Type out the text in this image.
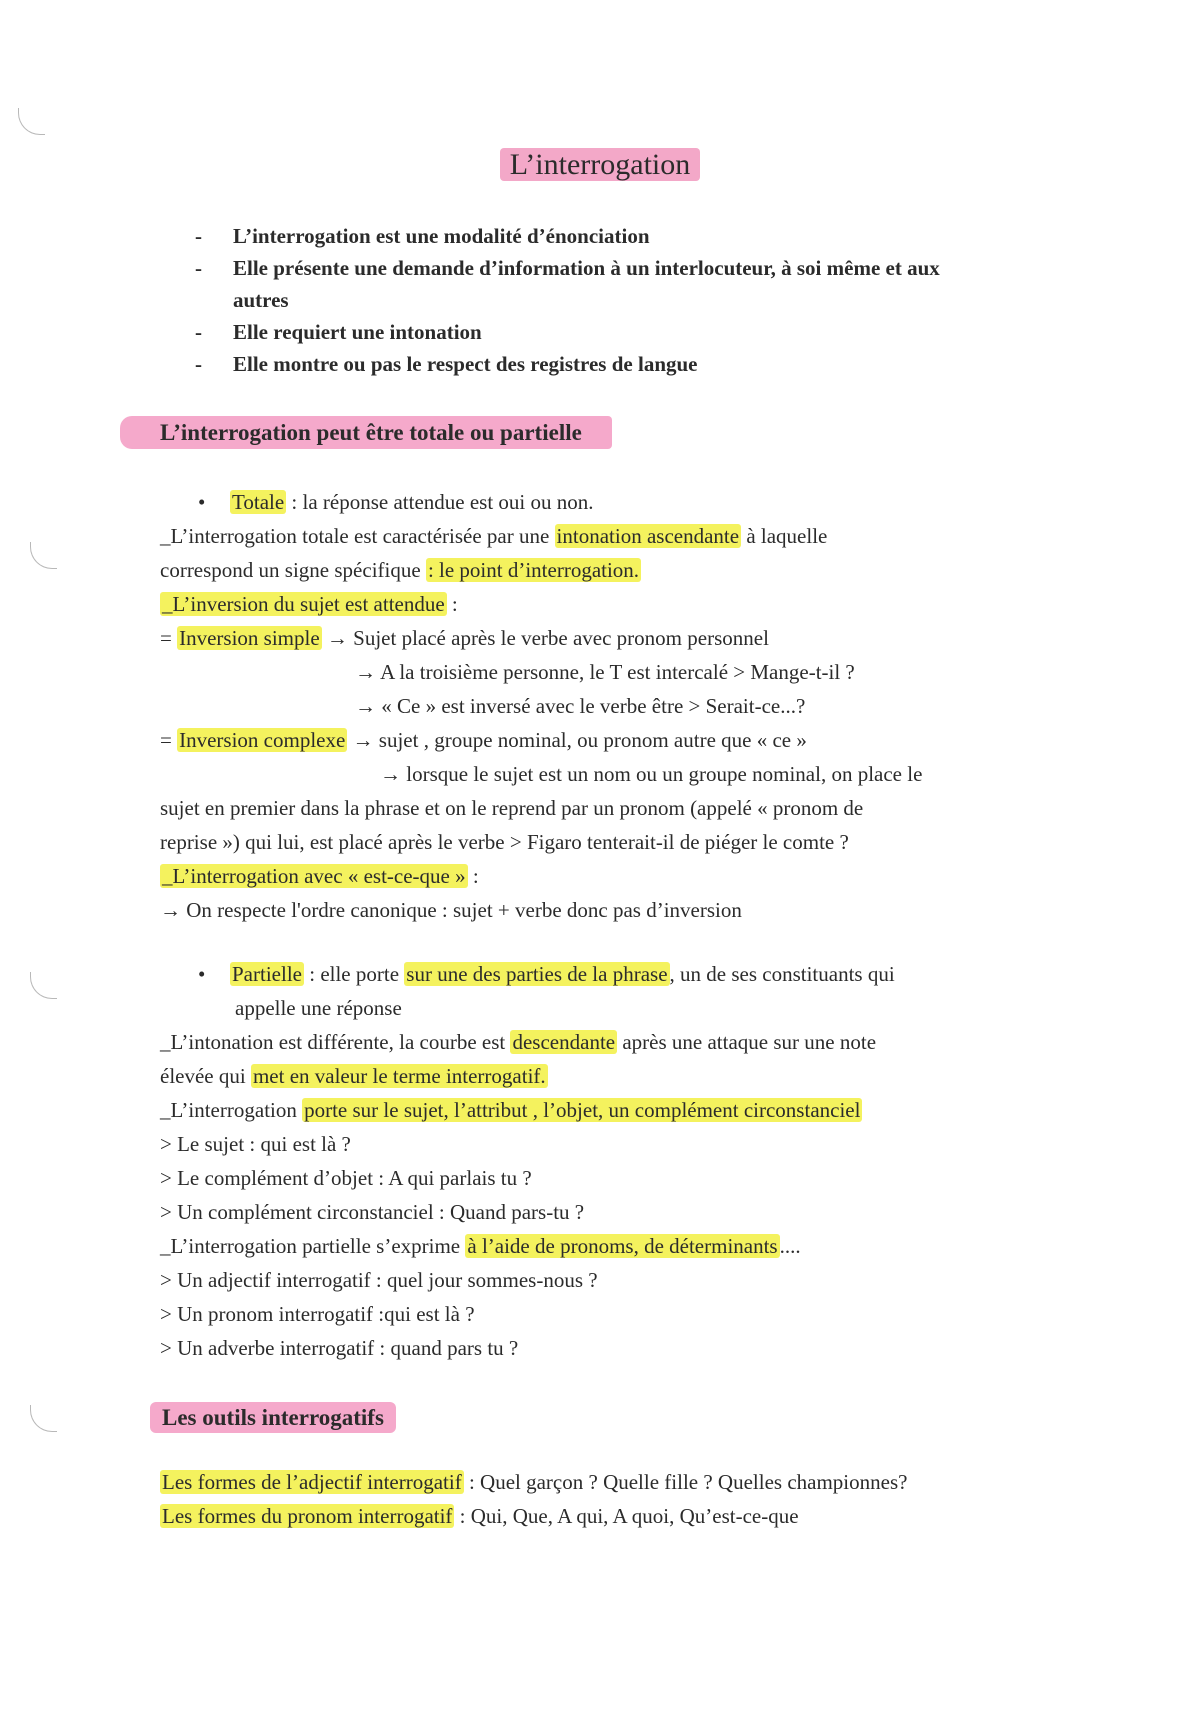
L’interrogation
- L’interrogation est une modalité d’énonciation
- Elle présente une demande d’information à un interlocuteur, à soi même et aux
autres
- Elle requiert une intonation
- Elle montre ou pas le respect des registres de langue
L’interrogation peut être totale ou partielle
• Totale : la réponse attendue est oui ou non.
_L’interrogation totale est caractérisée par une intonation ascendante à laquelle
correspond un signe spécifique : le point d’interrogation.
_L’inversion du sujet est attendue :
= Inversion simple → Sujet placé après le verbe avec pronom personnel
→ A la troisième personne, le T est intercalé > Mange-t-il ?
→ « Ce » est inversé avec le verbe être > Serait-ce...?
= Inversion complexe → sujet , groupe nominal, ou pronom autre que « ce »
→ lorsque le sujet est un nom ou un groupe nominal, on place le
sujet en premier dans la phrase et on le reprend par un pronom (appelé « pronom de
reprise ») qui lui, est placé après le verbe > Figaro tenterait-il de piéger le comte ?
_L’interrogation avec « est-ce-que » :
→ On respecte l'ordre canonique : sujet + verbe donc pas d’inversion
• Partielle : elle porte sur une des parties de la phrase, un de ses constituants qui
appelle une réponse
_L’intonation est différente, la courbe est descendante après une attaque sur une note
élevée qui met en valeur le terme interrogatif.
_L’interrogation porte sur le sujet, l’attribut , l’objet, un complément circonstanciel
> Le sujet : qui est là ?
> Le complément d’objet : A qui parlais tu ?
> Un complément circonstanciel : Quand pars-tu ?
_L’interrogation partielle s’exprime à l’aide de pronoms, de déterminants....
> Un adjectif interrogatif : quel jour sommes-nous ?
> Un pronom interrogatif :qui est là ?
> Un adverbe interrogatif : quand pars tu ?
Les outils interrogatifs
Les formes de l’adjectif interrogatif : Quel garçon ? Quelle fille ? Quelles championnes?
Les formes du pronom interrogatif : Qui, Que, A qui, A quoi, Qu’est-ce-que
